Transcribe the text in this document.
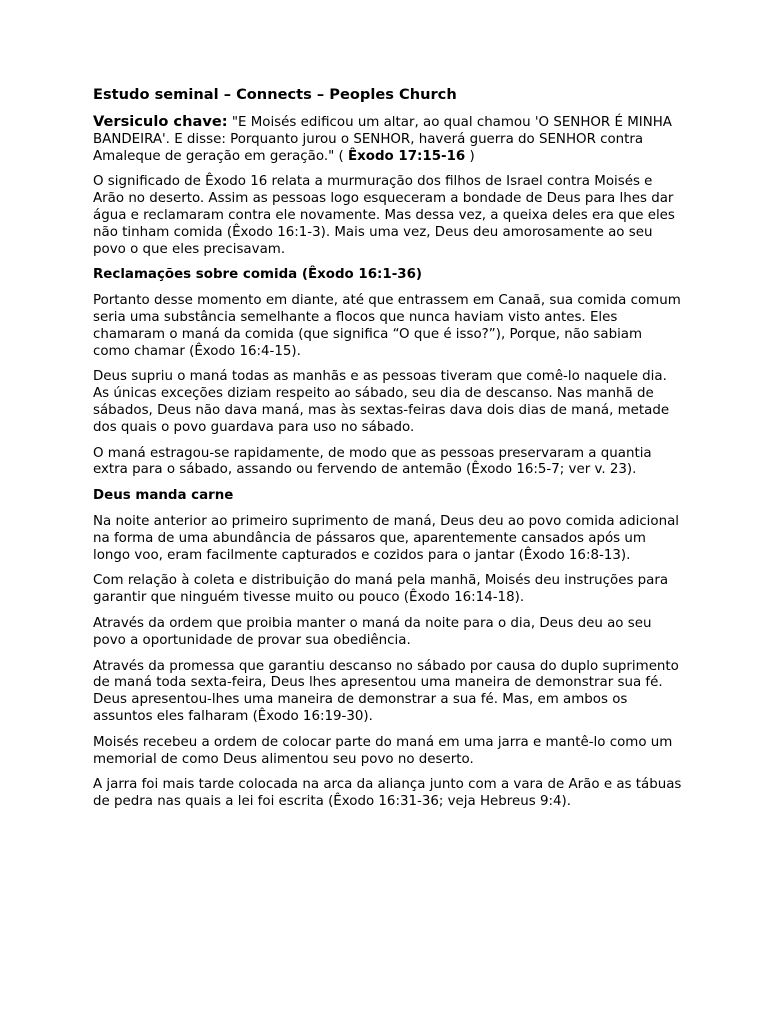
Estudo seminal – Connects – Peoples Church
Versiculo chave: "E Moisés edificou um altar, ao qual chamou 'O SENHOR É MINHA BANDEIRA'. E disse: Porquanto jurou o SENHOR, haverá guerra do SENHOR contra Amaleque de geração em geração." ( Êxodo 17:15-16 )
O significado de Êxodo 16 relata a murmuração dos filhos de Israel contra Moisés e Arão no deserto. Assim as pessoas logo esqueceram a bondade de Deus para lhes dar água e reclamaram contra ele novamente. Mas dessa vez, a queixa deles era que eles não tinham comida (Êxodo 16:1-3). Mais uma vez, Deus deu amorosamente ao seu povo o que eles precisavam.
Reclamações sobre comida (Êxodo 16:1-36)
Portanto desse momento em diante, até que entrassem em Canaã, sua comida comum seria uma substância semelhante a flocos que nunca haviam visto antes. Eles chamaram o maná da comida (que significa “O que é isso?”), Porque, não sabiam como chamar (Êxodo 16:4-15).
Deus supriu o maná todas as manhãs e as pessoas tiveram que comê-lo naquele dia. As únicas exceções diziam respeito ao sábado, seu dia de descanso. Nas manhã de sábados, Deus não dava maná, mas às sextas-feiras dava dois dias de maná, metade dos quais o povo guardava para uso no sábado.
O maná estragou-se rapidamente, de modo que as pessoas preservaram a quantia extra para o sábado, assando ou fervendo de antemão (Êxodo 16:5-7; ver v. 23).
Deus manda carne
Na noite anterior ao primeiro suprimento de maná, Deus deu ao povo comida adicional na forma de uma abundância de pássaros que, aparentemente cansados após um longo voo, eram facilmente capturados e cozidos para o jantar (Êxodo 16:8-13).
Com relação à coleta e distribuição do maná pela manhã, Moisés deu instruções para garantir que ninguém tivesse muito ou pouco (Êxodo 16:14-18).
Através da ordem que proibia manter o maná da noite para o dia, Deus deu ao seu povo a oportunidade de provar sua obediência.
Através da promessa que garantiu descanso no sábado por causa do duplo suprimento de maná toda sexta-feira, Deus lhes apresentou uma maneira de demonstrar sua fé. Deus apresentou-lhes uma maneira de demonstrar a sua fé. Mas, em ambos os assuntos eles falharam (Êxodo 16:19-30).
Moisés recebeu a ordem de colocar parte do maná em uma jarra e mantê-lo como um memorial de como Deus alimentou seu povo no deserto.
A jarra foi mais tarde colocada na arca da aliança junto com a vara de Arão e as tábuas de pedra nas quais a lei foi escrita (Êxodo 16:31-36; veja Hebreus 9:4).
